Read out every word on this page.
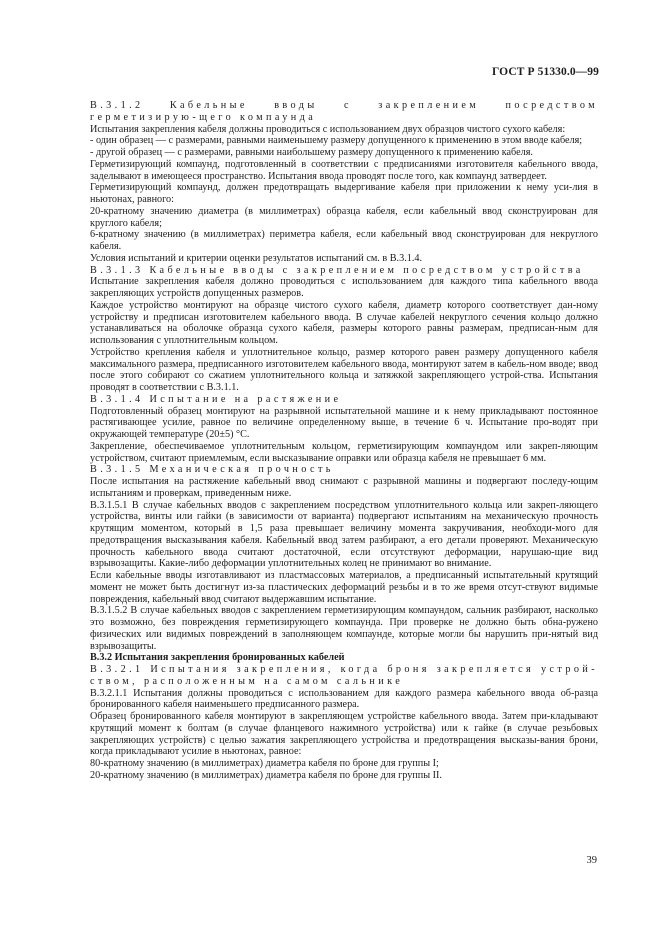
ГОСТ Р 51330.0—99

В.3.1.2 Кабельные вводы с закреплением посредством герметизирую-щего компаунда

Испытания закрепления кабеля должны проводиться с использованием двух образцов чистого сухого кабеля:

- один образец — с размерами, равными наименьшему размеру допущенного к применению в этом вводе кабеля;

- другой образец — с размерами, равными наибольшему размеру допущенного к применению кабеля.

Герметизирующий компаунд, подготовленный в соответствии с предписаниями изготовителя кабельного ввода, заделывают в имеющееся пространство. Испытания ввода проводят после того, как компаунд затвердеет.

Герметизирующий компаунд, должен предотвращать выдергивание кабеля при приложении к нему уси-лия в ньютонах, равного:

20-кратному значению диаметра (в миллиметрах) образца кабеля, если кабельный ввод сконструирован для круглого кабеля;

6-кратному значению (в миллиметрах) периметра кабеля, если кабельный ввод сконструирован для некруглого кабеля.

Условия испытаний и критерии оценки результатов испытаний см. в В.3.1.4.

В.3.1.3 Кабельные вводы с закреплением посредством устройства

Испытание закрепления кабеля должно проводиться с использованием для каждого типа кабельного ввода закрепляющих устройств допущенных размеров.

Каждое устройство монтируют на образце чистого сухого кабеля, диаметр которого соответствует дан-ному устройству и предписан изготовителем кабельного ввода. В случае кабелей некруглого сечения кольцо должно устанавливаться на оболочке образца сухого кабеля, размеры которого равны размерам, предписан-ным для использования с уплотнительным кольцом.

Устройство крепления кабеля и уплотнительное кольцо, размер которого равен размеру допущенного кабеля максимального размера, предписанного изготовителем кабельного ввода, монтируют затем в кабель-ном вводе; ввод после этого собирают со сжатием уплотнительного кольца и затяжкой закрепляющего устрой-ства. Испытания проводят в соответствии с В.3.1.1.

В.3.1.4 Испытание на растяжение

Подготовленный образец монтируют на разрывной испытательной машине и к нему прикладывают постоянное растягивающее усилие, равное по величине определенному выше, в течение 6 ч. Испытание про-водят при окружающей температуре (20±5) °С.

Закрепление, обеспечиваемое уплотнительным кольцом, герметизирующим компаундом или закреп-ляющим устройством, считают приемлемым, если высказывание оправки или образца кабеля не превышает 6 мм.

В.3.1.5 Механическая прочность

После испытания на растяжение кабельный ввод снимают с разрывной машины и подвергают последу-ющим испытаниям и проверкам, приведенным ниже.

В.3.1.5.1 В случае кабельных вводов с закреплением посредством уплотнительного кольца или закреп-ляющего устройства, винты или гайки (в зависимости от варианта) подвергают испытаниям на механическую прочность крутящим моментом, который в 1,5 раза превышает величину момента закручивания, необходи-мого для предотвращения высказывания кабеля. Кабельный ввод затем разбирают, а его детали проверяют. Механическую прочность кабельного ввода считают достаточной, если отсутствуют деформации, нарушаю-щие вид взрывозащиты. Какие-либо деформации уплотнительных колец не принимают во внимание.

Если кабельные вводы изготавливают из пластмассовых материалов, а предписанный испытательный крутящий момент не может быть достигнут из-за пластических деформаций резьбы и в то же время отсут-ствуют видимые повреждения, кабельный ввод считают выдержавшим испытание.

В.3.1.5.2 В случае кабельных вводов с закреплением герметизирующим компаундом, сальник разбирают, насколько это возможно, без повреждения герметизирующего компаунда. При проверке не должно быть обна-ружено физических или видимых повреждений в заполняющем компаунде, которые могли бы нарушить при-нятый вид взрывозащиты.

В.3.2 Испытания закрепления бронированных кабелей

В.3.2.1 Испытания закрепления, когда броня закрепляется устрой-ством, расположенным на самом сальнике

В.3.2.1.1 Испытания должны проводиться с использованием для каждого размера кабельного ввода об-разца бронированного кабеля наименьшего предписанного размера.

Образец бронированного кабеля монтируют в закрепляющем устройстве кабельного ввода. Затем при-кладывают крутящий момент к болтам (в случае фланцевого нажимного устройства) или к гайке (в случае резьбовых закрепляющих устройств) с целью зажатия закрепляющего устройства и предотвращения высказы-вания брони, когда прикладывают усилие в ньютонах, равное:

80-кратному значению (в миллиметрах) диаметра кабеля по броне для группы I;

20-кратному значению (в миллиметрах) диаметра кабеля по броне для группы II.

39
